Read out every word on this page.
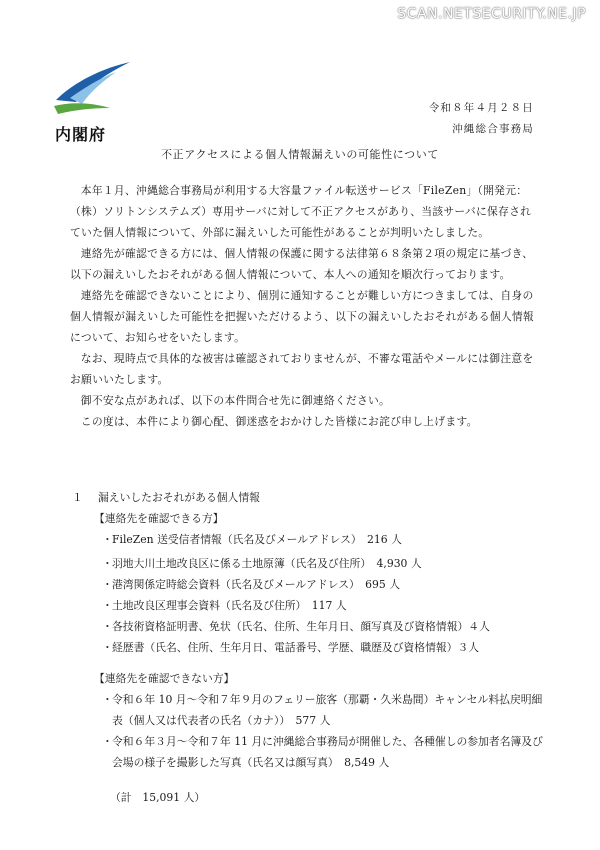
SCAN.NETSECURITY.NE.JP
内閣府
令和８年４月２８日
沖縄総合事務局
不正アクセスによる個人情報漏えいの可能性について

本年１月、沖縄総合事務局が利用する大容量ファイル転送サービス「FileZen」（開発元：（株）ソリトンシステムズ）専用サーバに対して不正アクセスがあり、当該サーバに保存されていた個人情報について、外部に漏えいした可能性があることが判明いたしました。

連絡先が確認できる方には、個人情報の保護に関する法律第６８条第２項の規定に基づき、以下の漏えいしたおそれがある個人情報について、本人への通知を順次行っております。

連絡先を確認できないことにより、個別に通知することが難しい方につきましては、自身の個人情報が漏えいした可能性を把握いただけるよう、以下の漏えいしたおそれがある個人情報について、お知らせをいたします。

なお、現時点で具体的な被害は確認されておりませんが、不審な電話やメールには御注意をお願いいたします。

御不安な点があれば、以下の本件問合せ先に御連絡ください。

この度は、本件により御心配、御迷惑をおかけした皆様にお詫び申し上げます。

１	漏えいしたおそれがある個人情報

【連絡先を確認できる方】

・ FileZen 送受信者情報（氏名及びメールアドレス）　216 人
・ 羽地大川土地改良区に係る土地原簿（氏名及び住所）　4,930 人
・ 港湾関係定時総会資料（氏名及びメールアドレス）　695 人
・ 土地改良区理事会資料（氏名及び住所）　117 人
・ 各技術資格証明書、免状（氏名、住所、生年月日、顔写真及び資格情報）４人
・ 経歴書（氏名、住所、生年月日、電話番号、学歴、職歴及び資格情報）３人

【連絡先を確認できない方】

・ 令和６年 10 月～令和７年９月のフェリー旅客（那覇・久米島間）キャンセル料払戻明細表（個人又は代表者の氏名（カナ））　577 人
・ 令和６年３月～令和７年 11 月に沖縄総合事務局が開催した、各種催しの参加者名簿及び会場の様子を撮影した写真（氏名又は顔写真）　8,549 人
（計　15,091 人）
